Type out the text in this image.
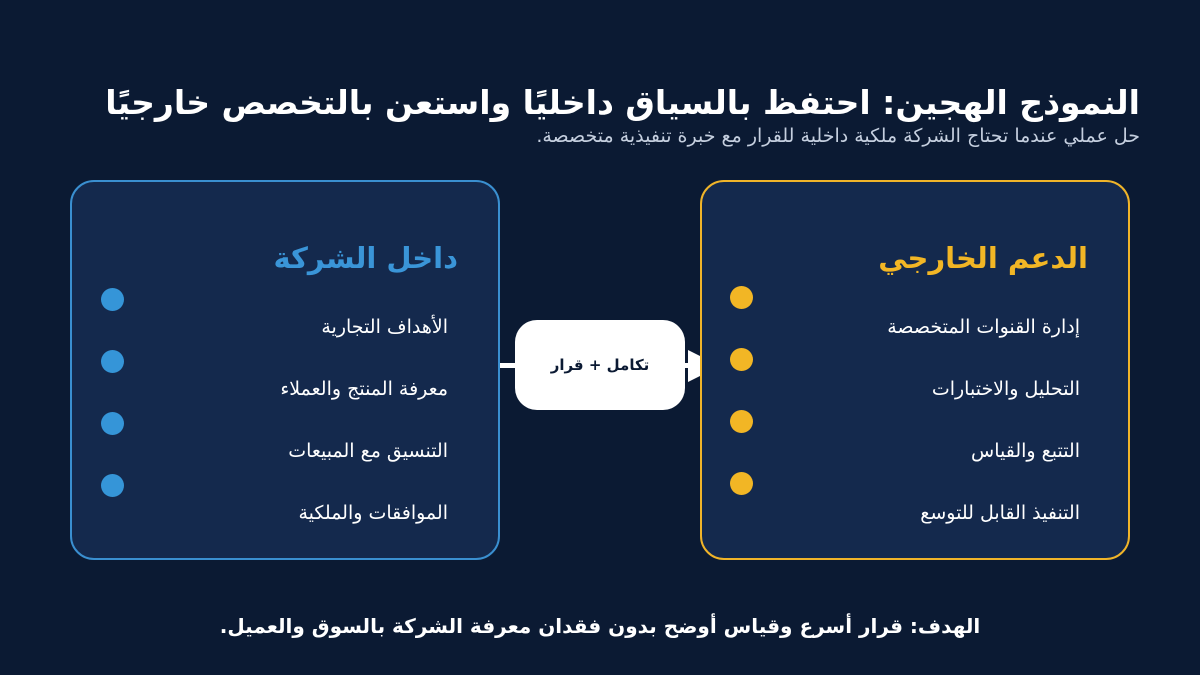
النموذج الهجين: احتفظ بالسياق داخليًا واستعن بالتخصص خارجيًا

حل عملي عندما تحتاج الشركة ملكية داخلية للقرار مع خبرة تنفيذية متخصصة.

داخل الشركة
الأهداف التجارية
معرفة المنتج والعملاء
التنسيق مع المبيعات
الموافقات والملكية
تكامل + قرار
الدعم الخارجي
إدارة القنوات المتخصصة
التحليل والاختبارات
التتبع والقياس
التنفيذ القابل للتوسع

الهدف: قرار أسرع وقياس أوضح بدون فقدان معرفة الشركة بالسوق والعميل.
